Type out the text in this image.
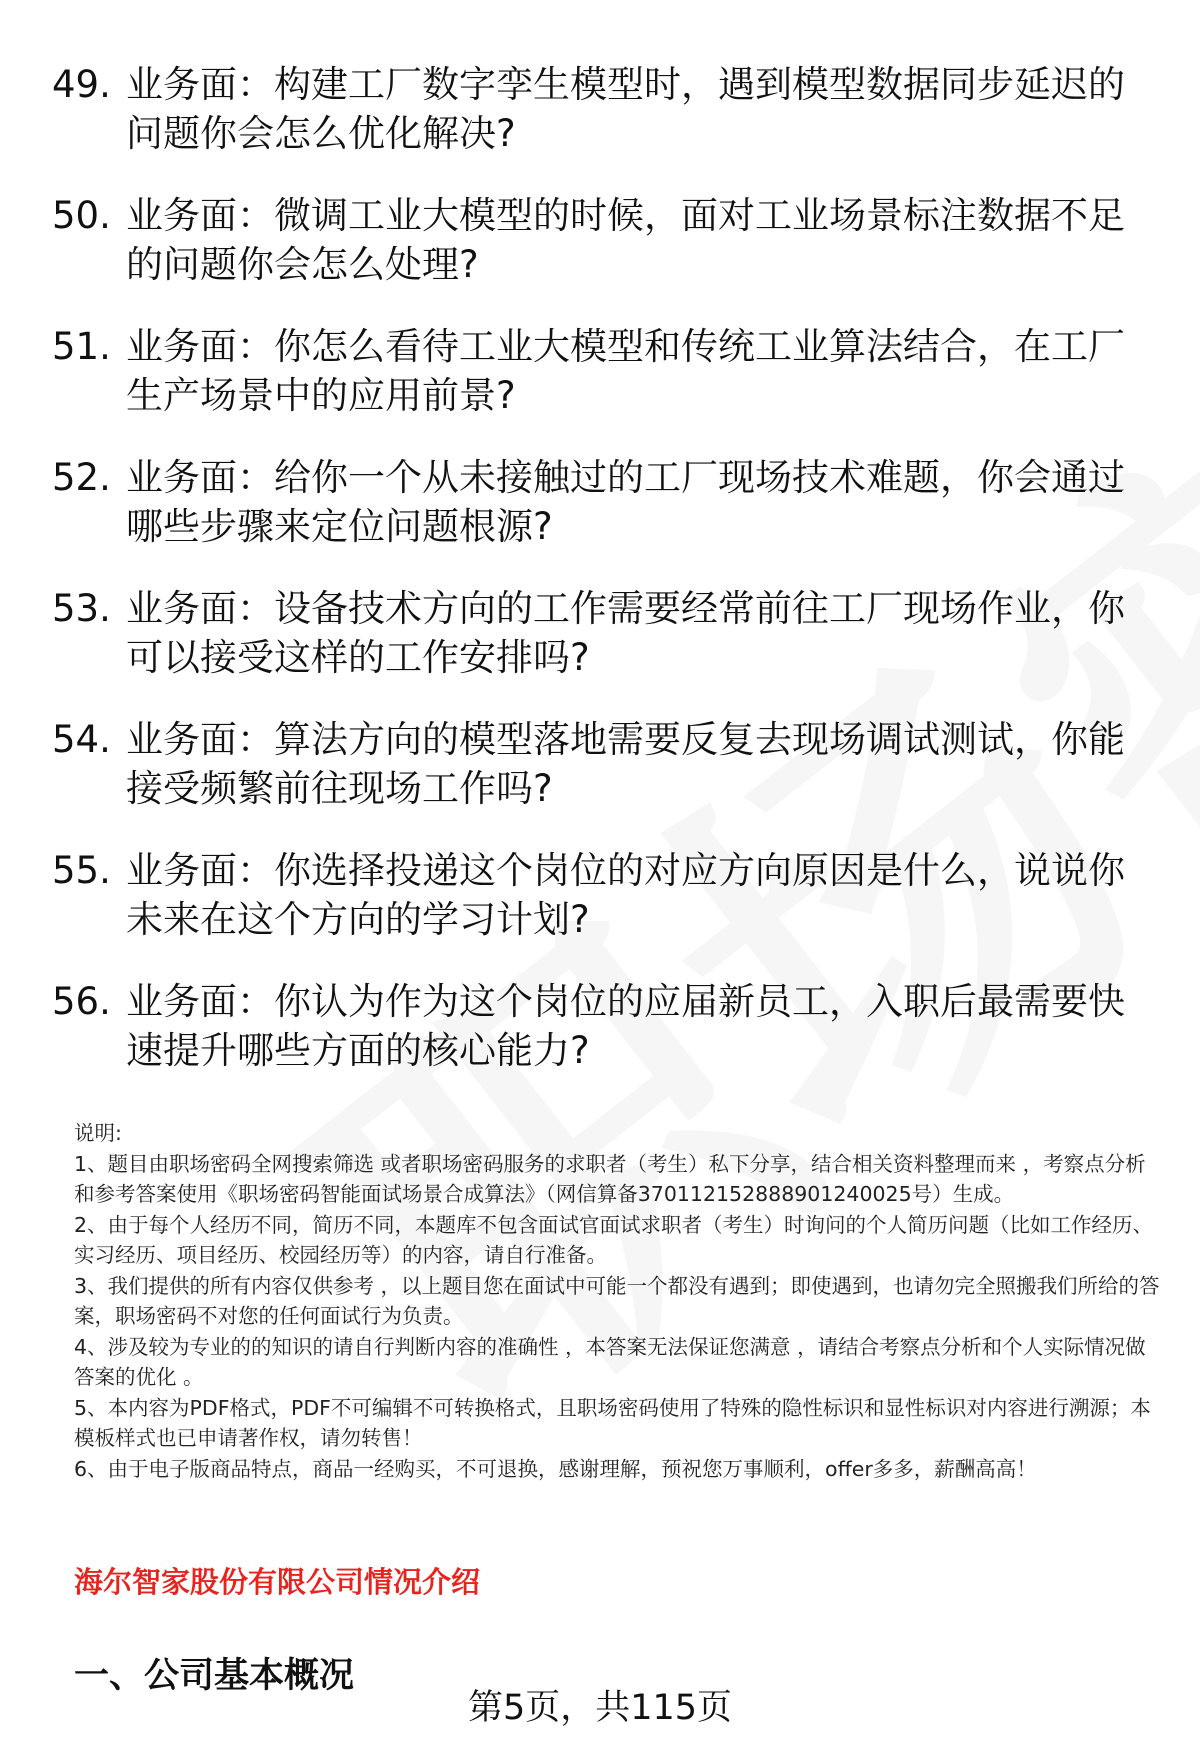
49. 业务面：构建工厂数字孪生模型时，遇到模型数据同步延迟的问题你会怎么优化解决?
50. 业务面：微调工业大模型的时候，面对工业场景标注数据不足的问题你会怎么处理?
51. 业务面：你怎么看待工业大模型和传统工业算法结合，在工厂生产场景中的应用前景?
52. 业务面：给你一个从未接触过的工厂现场技术难题，你会通过哪些步骤来定位问题根源?
53. 业务面：设备技术方向的工作需要经常前往工厂现场作业，你可以接受这样的工作安排吗?
54. 业务面：算法方向的模型落地需要反复去现场调试测试，你能接受频繁前往现场工作吗?
55. 业务面：你选择投递这个岗位的对应方向原因是什么，说说你未来在这个方向的学习计划?
56. 业务面：你认为作为这个岗位的应届新员工，入职后最需要快速提升哪些方面的核心能力?

说明:

1、题目由职场密码全网搜索筛选 或者职场密码服务的求职者（考生）私下分享，结合相关资料整理而来 ，考察点分析和参考答案使用《职场密码智能面试场景合成算法》（网信算备370112152888901240025号）生成。

2、由于每个人经历不同，简历不同，本题库不包含面试官面试求职者（考生）时询问的个人简历问题（比如工作经历、实习经历、项目经历、校园经历等）的内容，请自行准备。

3、我们提供的所有内容仅供参考 ，以上题目您在面试中可能一个都没有遇到；即使遇到，也请勿完全照搬我们所给的答案，职场密码不对您的任何面试行为负责。

4、涉及较为专业的的知识的请自行判断内容的准确性 ，本答案无法保证您满意 ，请结合考察点分析和个人实际情况做答案的优化 。

5、本内容为PDF格式，PDF不可编辑不可转换格式，且职场密码使用了特殊的隐性标识和显性标识对内容进行溯源；本模板样式也已申请著作权，请勿转售！

6、由于电子版商品特点，商品一经购买，不可退换，感谢理解，预祝您万事顺利，offer多多，薪酬高高！

海尔智家股份有限公司情况介绍
一、公司基本概况
第5页，共115页
